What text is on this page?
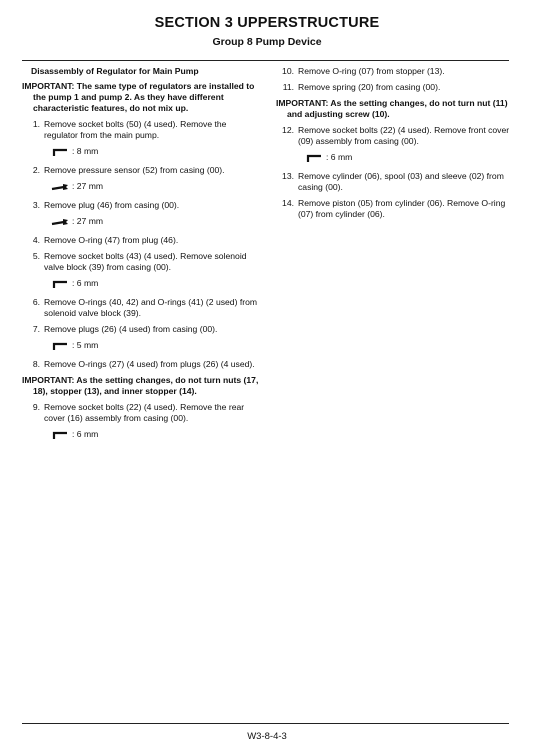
SECTION 3 UPPERSTRUCTURE
Group 8 Pump Device
Disassembly of Regulator for Main Pump
IMPORTANT: The same type of regulators are installed to the pump 1 and pump 2. As they have different characteristic features, do not mix up.
1. Remove socket bolts (50) (4 used). Remove the regulator from the main pump.
: 8 mm
2. Remove pressure sensor (52) from casing (00).
: 27 mm
3. Remove plug (46) from casing (00).
: 27 mm
4. Remove O-ring (47) from plug (46).
5. Remove socket bolts (43) (4 used). Remove solenoid valve block (39) from casing (00).
: 6 mm
6. Remove O-rings (40, 42) and O-rings (41) (2 used) from solenoid valve block (39).
7. Remove plugs (26) (4 used) from casing (00).
: 5 mm
8. Remove O-rings (27) (4 used) from plugs (26) (4 used).
IMPORTANT: As the setting changes, do not turn nuts (17, 18), stopper (13), and inner stopper (14).
9. Remove socket bolts (22) (4 used). Remove the rear cover (16) assembly from casing (00).
: 6 mm
10. Remove O-ring (07) from stopper (13).
11. Remove spring (20) from casing (00).
IMPORTANT: As the setting changes, do not turn nut (11) and adjusting screw (10).
12. Remove socket bolts (22) (4 used). Remove front cover (09) assembly from casing (00).
: 6 mm
13. Remove cylinder (06), spool (03) and sleeve (02) from casing (00).
14. Remove piston (05) from cylinder (06). Remove O-ring (07) from cylinder (06).
W3-8-4-3
